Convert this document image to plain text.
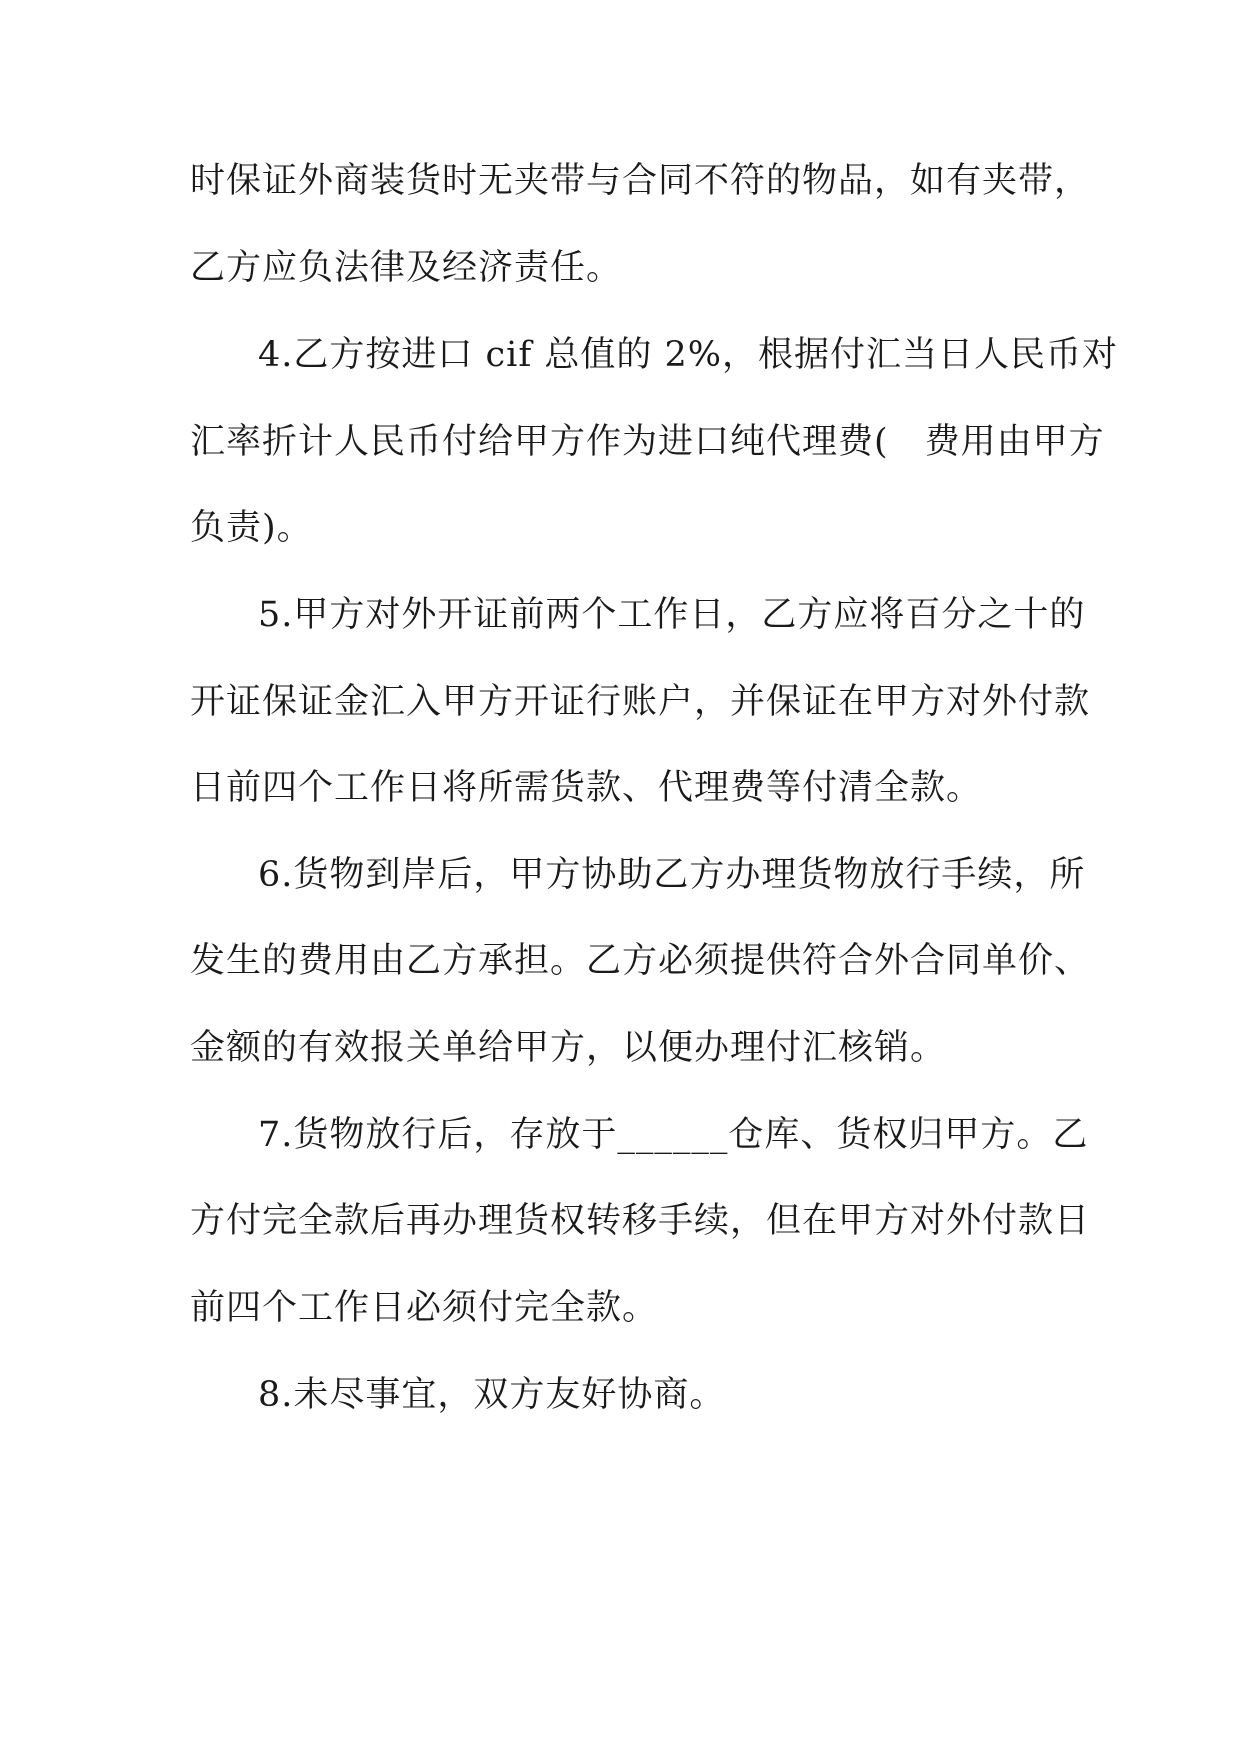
时保证外商装货时无夹带与合同不符的物品，如有夹带，
乙方应负法律及经济责任。
4.乙方按进口 cif 总值的 2%，根据付汇当日人民币对
汇率折计人民币付给甲方作为进口纯代理费(　费用由甲方
负责)。
5.甲方对外开证前两个工作日，乙方应将百分之十的
开证保证金汇入甲方开证行账户，并保证在甲方对外付款
日前四个工作日将所需货款、代理费等付清全款。
6.货物到岸后，甲方协助乙方办理货物放行手续，所
发生的费用由乙方承担。乙方必须提供符合外合同单价、
金额的有效报关单给甲方，以便办理付汇核销。
7.货物放行后，存放于______仓库、货权归甲方。乙
方付完全款后再办理货权转移手续，但在甲方对外付款日
前四个工作日必须付完全款。
8.未尽事宜，双方友好协商。
